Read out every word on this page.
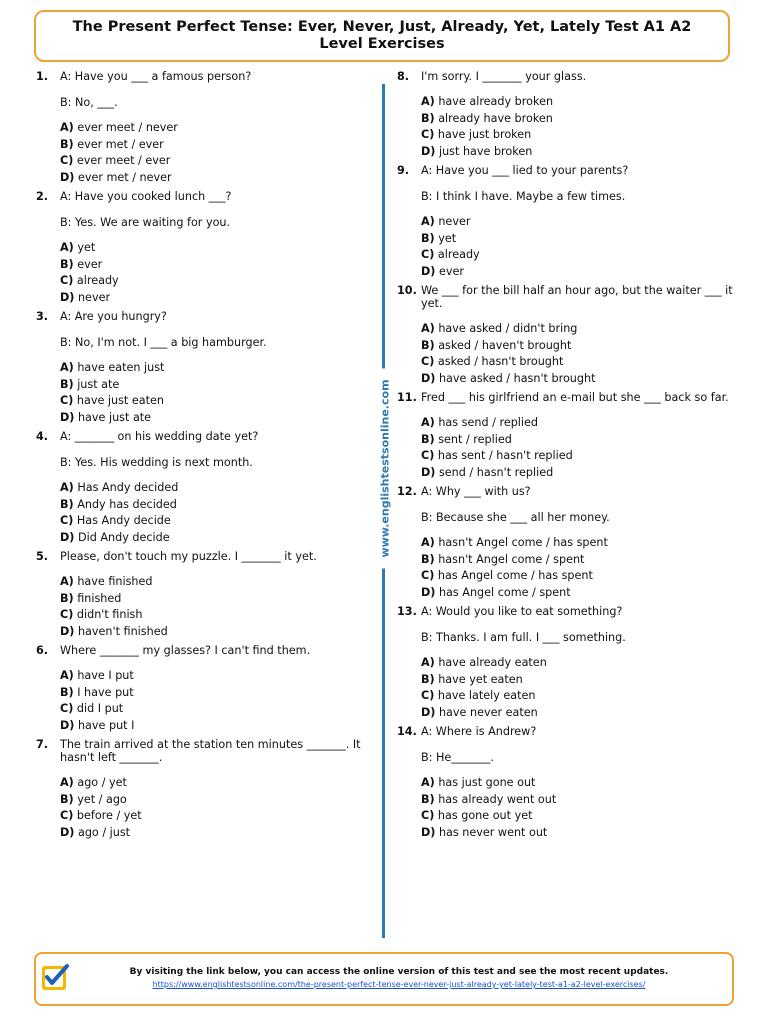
The Present Perfect Tense: Ever, Never, Just, Already, Yet, Lately Test A1 A2 Level Exercises
1.	A: Have you ___ a famous person?
B: No, ___.
A) ever meet / never
B) ever met / ever
C) ever meet / ever
D) ever met / never
2.	A: Have you cooked lunch ___?
B: Yes. We are waiting for you.
A) yet
B) ever
C) already
D) never
3.	A: Are you hungry?
B: No, I'm not. I ___ a big hamburger.
A) have eaten just
B) just ate
C) have just eaten
D) have just ate
4.	A: _______ on his wedding date yet?
B: Yes. His wedding is next month.
A) Has Andy decided
B) Andy has decided
C) Has Andy decide
D) Did Andy decide
5.	Please, don't touch my puzzle. I _______ it yet.
A) have finished
B) finished
C) didn't finish
D) haven't finished
6.	Where _______ my glasses? I can't find them.
A) have I put
B) I have put
C) did I put
D) have put I
7.	The train arrived at the station ten minutes _______. It hasn't left _______.
A) ago / yet
B) yet / ago
C) before / yet
D) ago / just
www.englishtestsonline.com
8.	I'm sorry. I _______ your glass.
A) have already broken
B) already have broken
C) have just broken
D) just have broken
9.	A: Have you ___ lied to your parents?
B: I think I have. Maybe a few times.
A) never
B) yet
C) already
D) ever
10. We ___ for the bill half an hour ago, but the waiter ___ it yet.
A) have asked / didn't bring
B) asked / haven't brought
C) asked / hasn't brought
D) have asked / hasn't brought
11. Fred ___ his girlfriend an e-mail but she ___ back so far.
A) has send / replied
B) sent / replied
C) has sent / hasn't replied
D) send / hasn't replied
12. A: Why ___ with us?
B: Because she ___ all her money.
A) hasn't Angel come / has spent
B) hasn't Angel come / spent
C) has Angel come / has spent
D) has Angel come / spent
13. A: Would you like to eat something?
B: Thanks. I am full. I ___ something.
A) have already eaten
B) have yet eaten
C) have lately eaten
D) have never eaten
14. A: Where is Andrew?
B: He_______.
A) has just gone out
B) has already went out
C) has gone out yet
D) has never went out
By visiting the link below, you can access the online version of this test and see the most recent updates.
https://www.englishtestsonline.com/the-present-perfect-tense-ever-never-just-already-yet-lately-test-a1-a2-level-exercises/
